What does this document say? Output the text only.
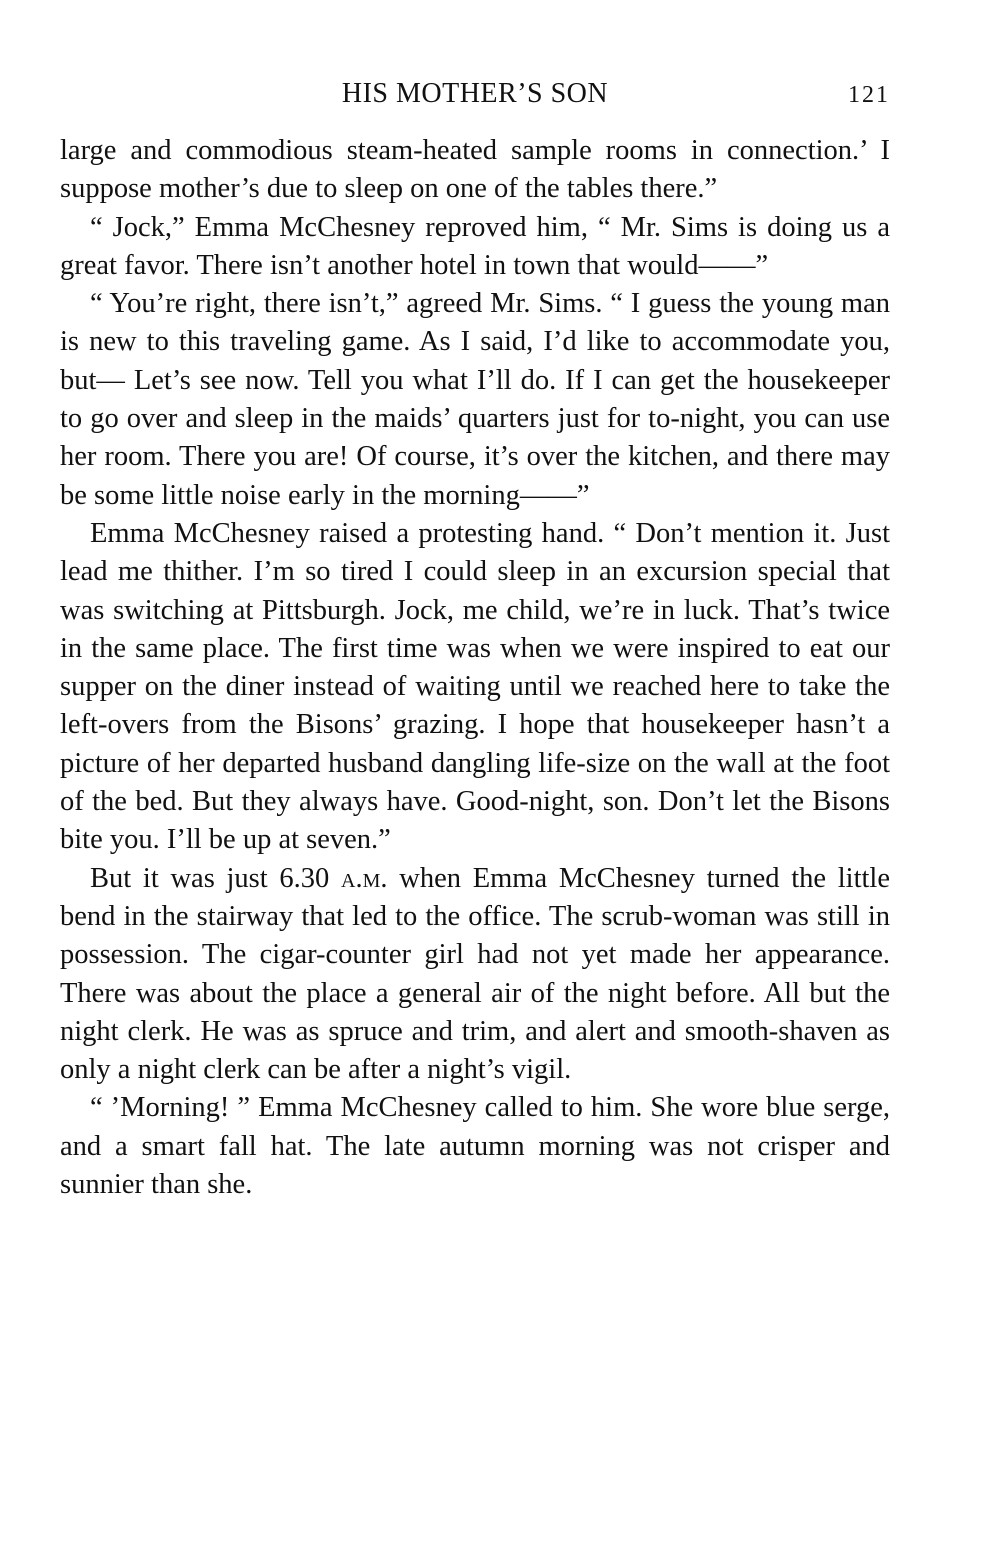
HIS MOTHER’S SON	121

large and commodious steam-heated sample rooms in connection.’ I suppose mother’s due to sleep on one of the tables there.”

“ Jock,” Emma McChesney reproved him, “ Mr. Sims is doing us a great favor. There isn’t another hotel in town that would——”

“ You’re right, there isn’t,” agreed Mr. Sims. “ I guess the young man is new to this traveling game. As I said, I’d like to accommodate you, but— Let’s see now. Tell you what I’ll do. If I can get the housekeeper to go over and sleep in the maids’ quarters just for to-night, you can use her room. There you are! Of course, it’s over the kitchen, and there may be some little noise early in the morning——”

Emma McChesney raised a protesting hand. “ Don’t mention it. Just lead me thither. I’m so tired I could sleep in an excursion special that was switching at Pittsburgh. Jock, me child, we’re in luck. That’s twice in the same place. The first time was when we were inspired to eat our supper on the diner instead of waiting until we reached here to take the left-overs from the Bisons’ grazing. I hope that housekeeper hasn’t a picture of her departed husband dangling life-size on the wall at the foot of the bed. But they always have. Good-night, son. Don’t let the Bisons bite you. I’ll be up at seven.”

But it was just 6.30 a.m. when Emma McChesney turned the little bend in the stairway that led to the office. The scrub-woman was still in possession. The cigar-counter girl had not yet made her appearance. There was about the place a general air of the night before. All but the night clerk. He was as spruce and trim, and alert and smooth-shaven as only a night clerk can be after a night’s vigil.

“ ’Morning! ” Emma McChesney called to him. She wore blue serge, and a smart fall hat. The late autumn morning was not crisper and sunnier than she.
